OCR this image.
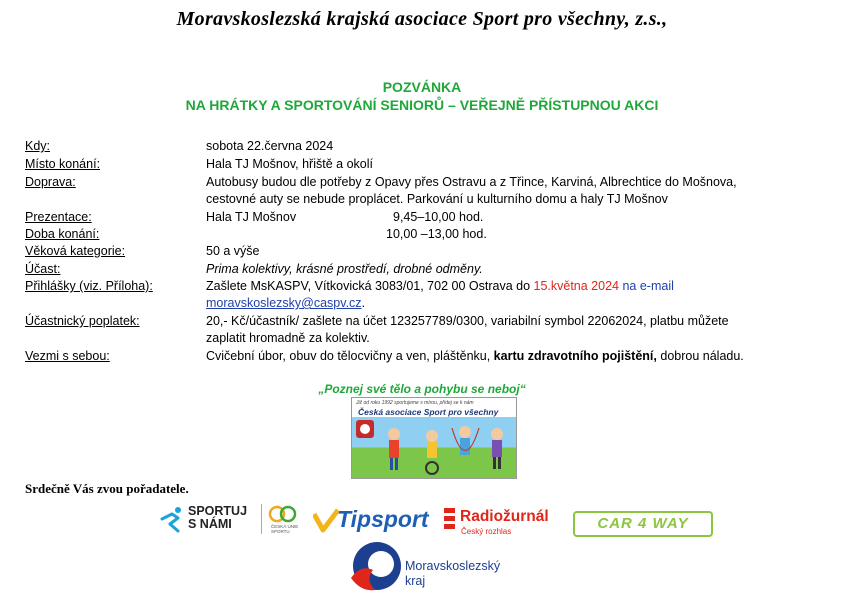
Moravskoslezská krajská asociace Sport pro všechny, z.s.,
POZVÁNKA
NA HRÁTKY A SPORTOVÁNÍ SENIORŮ – VEŘEJNĚ PŘÍSTUPNOU AKCI
Kdy:	sobota 22.června 2024
Místo konání:	Hala TJ Mošnov, hřiště a okolí
Doprava:	Autobusy budou dle potřeby z Opavy přes Ostravu a z Třince, Karviná, Albrechtice do Mošnova,
cestovné auty se nebude proplácet. Parkování u kulturního domu a haly TJ Mošnov
Prezentace:	Hala TJ Mošnov	9,45–10,00 hod.
Doba konání:	10,00 –13,00 hod.
Věková kategorie:	50 a výše
Účast:	Prima kolektivy, krásné prostředí, drobné odměny.
Přihlášky (viz. Příloha):	Zašlete MsKASPV, Vítkovická 3083/01, 702 00 Ostrava do 15.května 2024 na e-mail
moravskoslezsky@caspv.cz.
Účastnický poplatek:	20,- Kč/účastník/ zašlete na účet 123257789/0300, variabilní symbol 22062024, platbu můžete
zaplatit hromadně za kolektiv.
Vezmi s sebou:	Cvičební úbor, obuv do tělocvičny a ven, pláštěnku, kartu zdravotního pojištění, dobrou náladu.
„Poznej své tělo a pohybu se neboj“
Již od roku 1992 sportujeme s mírou, přidej se k nám
Česká asociace Sport pro všechny
Srdečně Vás zvou pořadatele.
SPORTUJ
S NÁMI	ČESKÁ UNIE SPORTU	Tipsport Radiožurnál
Český rozhlas	CAR 4 WAY
Moravskoslezský
kraj
